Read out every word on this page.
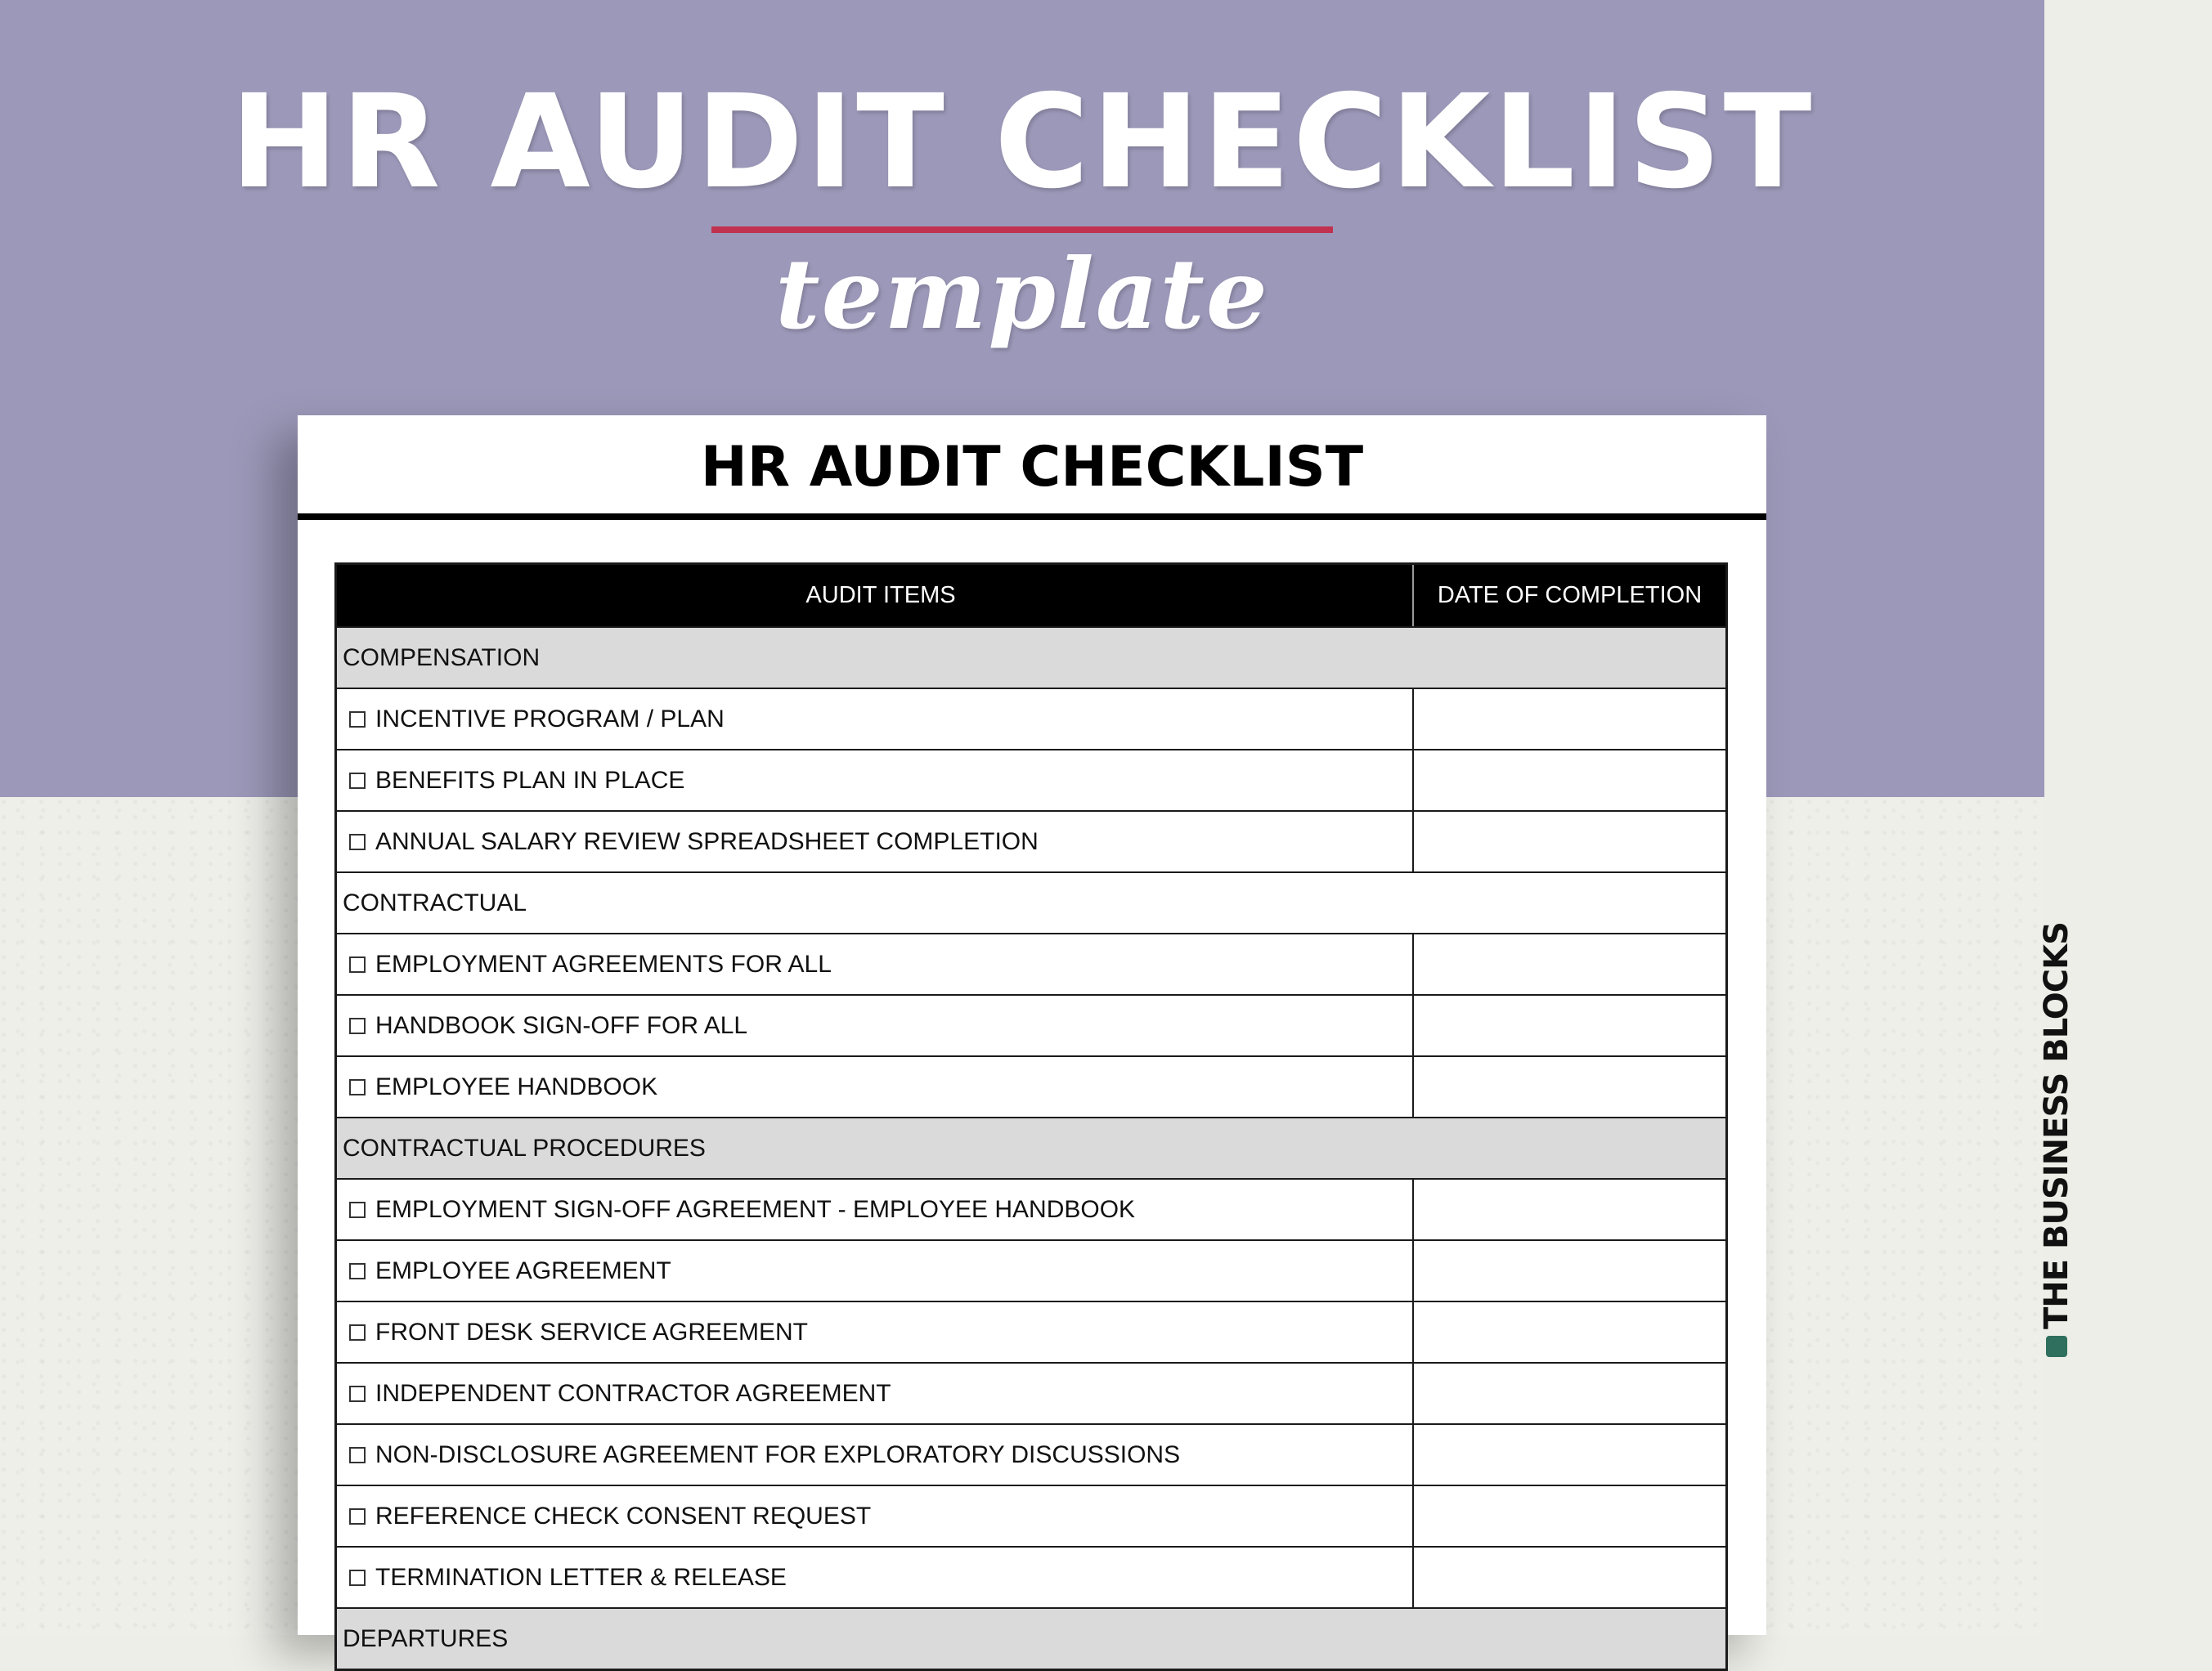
HR AUDIT CHECKLIST
template
HR AUDIT CHECKLIST
AUDIT ITEMS	DATE OF COMPLETION
COMPENSATION
INCENTIVE PROGRAM / PLAN
BENEFITS PLAN IN PLACE
ANNUAL SALARY REVIEW SPREADSHEET COMPLETION
CONTRACTUAL
EMPLOYMENT AGREEMENTS FOR ALL
HANDBOOK SIGN-OFF FOR ALL
EMPLOYEE HANDBOOK
CONTRACTUAL PROCEDURES
EMPLOYMENT SIGN-OFF AGREEMENT - EMPLOYEE HANDBOOK
EMPLOYEE AGREEMENT
FRONT DESK SERVICE AGREEMENT
INDEPENDENT CONTRACTOR AGREEMENT
NON-DISCLOSURE AGREEMENT FOR EXPLORATORY DISCUSSIONS
REFERENCE CHECK CONSENT REQUEST
TERMINATION LETTER & RELEASE
DEPARTURES
THE BUSINESS BLOCKS
